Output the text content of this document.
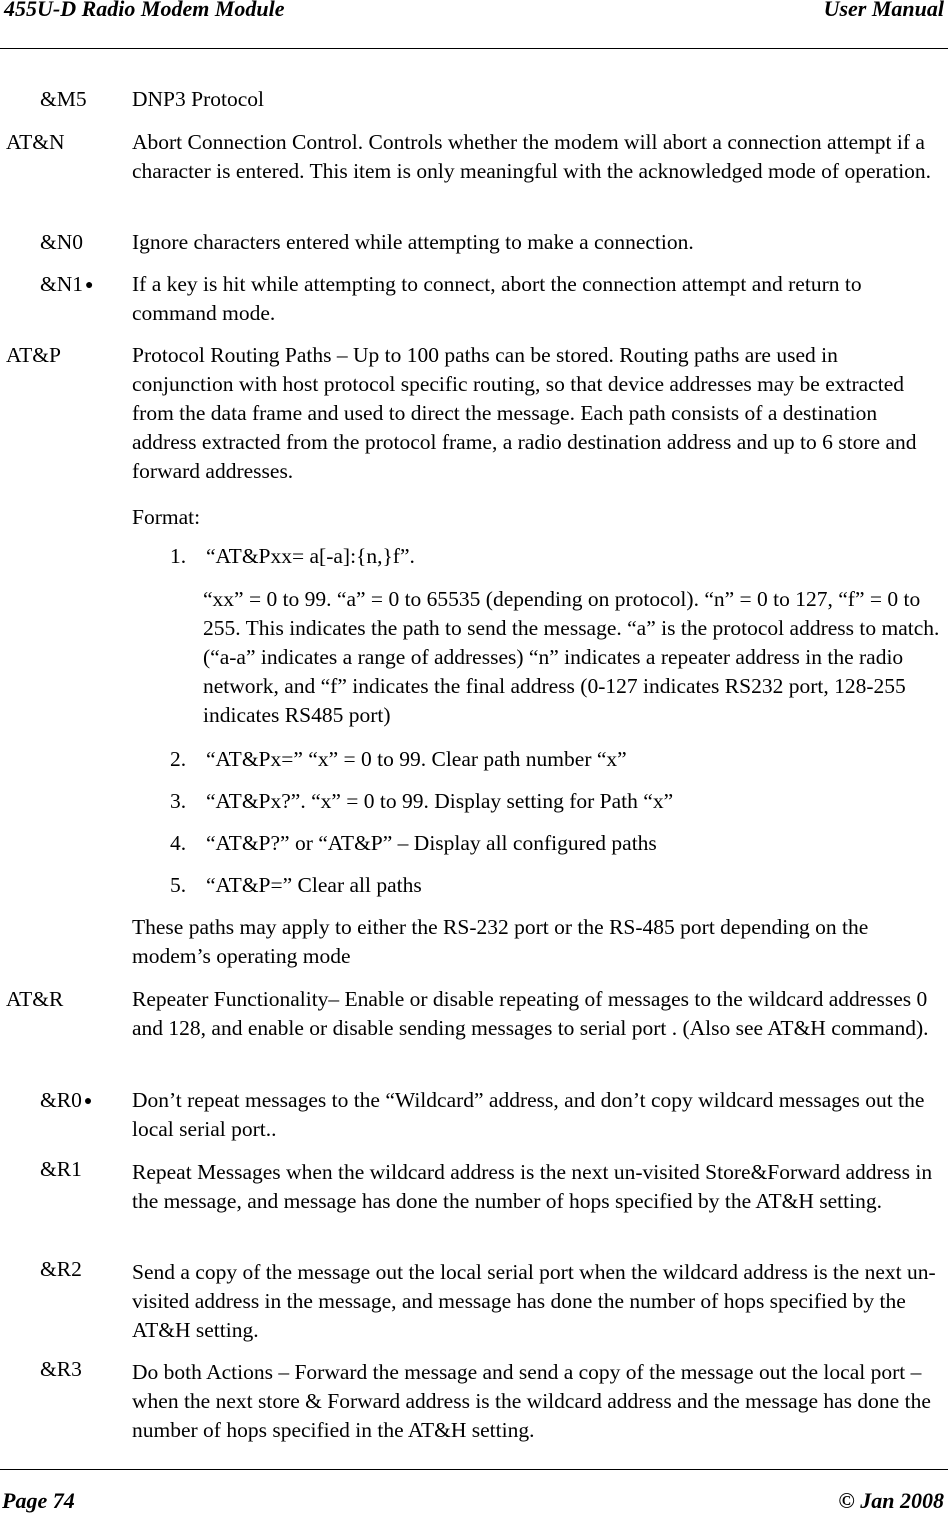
455U-D Radio Modem Module	User Manual
&M5 DNP3 Protocol
AT&N	Abort Connection Control. Controls whether the modem will abort a connection attempt if a character is entered. This item is only meaningful with the acknowledged mode of operation.
&N0 Ignore characters entered while attempting to make a connection.
&N1 ● If a key is hit while attempting to connect, abort the connection attempt and return to command mode.
AT&P	Protocol Routing Paths – Up to 100 paths can be stored. Routing paths are used in conjunction with host protocol specific routing, so that device addresses may be extracted from the data frame and used to direct the message. Each path consists of a destination address extracted from the protocol frame, a radio destination address and up to 6 store and forward addresses.
Format:
1. “AT&Pxx= a[-a]:{n,}f”.
“xx” = 0 to 99. “a” = 0 to 65535 (depending on protocol). “n” = 0 to 127, “f” = 0 to 255. This indicates the path to send the message. “a” is the protocol address to match. (“a-a” indicates a range of addresses) “n” indicates a repeater address in the radio network, and “f” indicates the final address (0-127 indicates RS232 port, 128-255 indicates RS485 port)
2. “AT&Px=” “x” = 0 to 99. Clear path number “x”
3. “AT&Px?”. “x” = 0 to 99. Display setting for Path “x”
4. “AT&P?” or “AT&P” – Display all configured paths
5. “AT&P=” Clear all paths
These paths may apply to either the RS-232 port or the RS-485 port depending on the modem’s operating mode
AT&R	Repeater Functionality– Enable or disable repeating of messages to the wildcard addresses 0 and 128, and enable or disable sending messages to serial port . (Also see AT&H command).
&R0 ● Don’t repeat messages to the “Wildcard” address, and don’t copy wildcard messages out the local serial port..
&R1 Repeat Messages when the wildcard address is the next un-visited Store&Forward address in the message, and message has done the number of hops specified by the AT&H setting.
&R2 Send a copy of the message out the local serial port when the wildcard address is the next un-visited address in the message, and message has done the number of hops specified by the AT&H setting.
&R3 Do both Actions – Forward the message and send a copy of the message out the local port – when the next store & Forward address is the wildcard address and the message has done the number of hops specified in the AT&H setting.
Page 74	© Jan 2008
